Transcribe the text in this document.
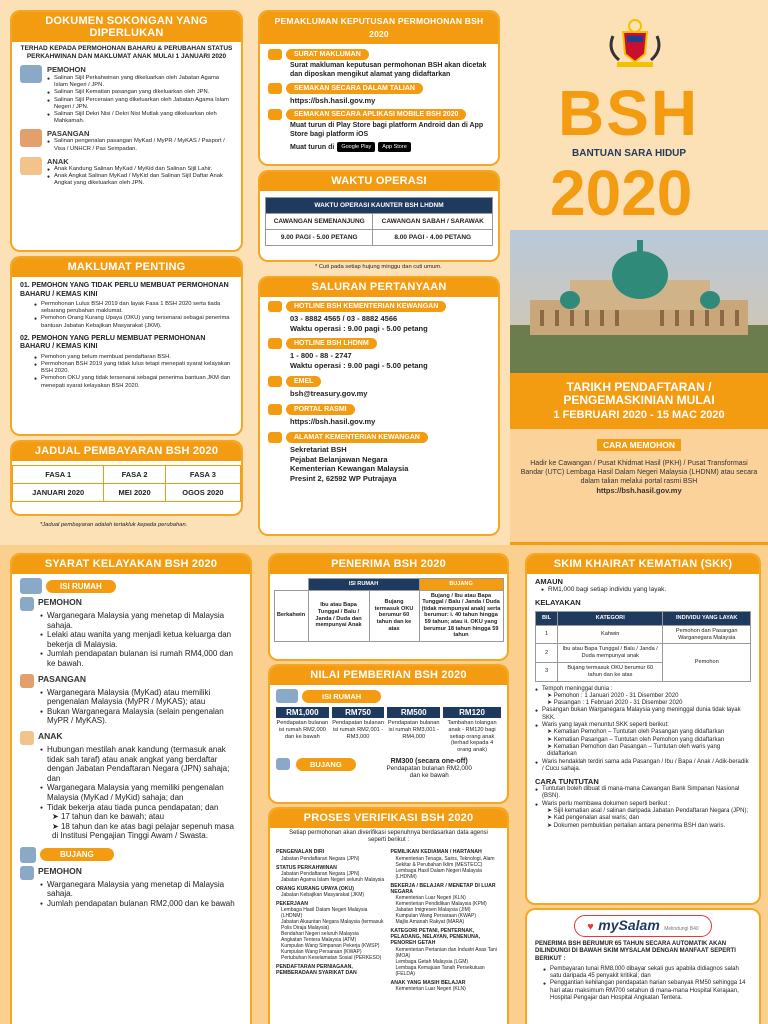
DOKUMEN SOKONGAN YANG DIPERLUKAN
TERHAD KEPADA PERMOHONAN BAHARU & PERUBAHAN STATUS PERKAHWINAN DAN MAKLUMAT ANAK MULAI 1 JANUARI 2020
PEMOHON
● Salinan Sijil Perkahwinan yang dikeluarkan oleh Jabatan Agama Islam Negeri / JPN.
● Salinan Sijil Kematian pasangan yang dikeluarkan oleh JPN.
● Salinan Sijil Perceraian yang dikeluarkan oleh Jabatan Agama Islam Negeri / JPN.
● Salinan Sijil Dekri Nisi / Dekri Nisi Mutlak yang dikeluarkan oleh Mahkamah.
PASANGAN
● Salinan pengenalan pasangan MyKad / MyPR / MyKAS / Pasport / Visa / UNHCR / Pas Sempadan.
ANAK
● Anak Kandung Salinan MyKad / MyKid dan Salinan Sijil Lahir.
● Anak Angkat Salinan MyKad / MyKid dan Salinan Sijil Daftar Anak Angkat yang dikeluarkan oleh JPN.
MAKLUMAT PENTING
01. PEMOHON YANG TIDAK PERLU MEMBUAT PERMOHONAN BAHARU / KEMAS KINI
● Permohonan Lulus BSH 2019 dan layak Fasa 1 BSH 2020 serta tiada sebarang perubahan maklumat.
● Pemohon Orang Kurang Upaya (OKU) yang tersenarai sebagai penerima bantuan Jabatan Kebajikan Masyarakat (JKM).
02. PEMOHON YANG PERLU MEMBUAT PERMOHONAN BAHARU / KEMAS KINI
● Pemohon yang belum membuat pendaftaran BSH.
● Permohonan BSH 2019 yang tidak lulus tetapi menepati syarat kelayakan BSH 2020.
● Pemohon OKU yang tidak tersenarai sebagai penerima bantuan JKM dan menepati syarat kelayakan BSH 2020.
JADUAL PEMBAYARAN BSH 2020
FASA 1	FASA 2	FASA 3
JANUARI 2020	MEI 2020	OGOS 2020
*Jadual pembayaran adalah tertakluk kepada perubahan.
PEMAKLUMAN KEPUTUSAN PERMOHONAN BSH 2020
SURAT MAKLUMAN
Surat makluman keputusan permohonan BSH akan dicetak dan diposkan mengikut alamat yang didaftarkan
SEMAKAN SECARA DALAM TALIAN
https://bsh.hasil.gov.my
SEMAKAN SECARA APLIKASI MOBILE BSH 2020
Muat turun di Play Store bagi platform Android dan di App Store bagi platform iOS
Muat turun di	Google Play	App Store
WAKTU OPERASI
WAKTU OPERASI KAUNTER BSH LHDNM	
CAWANGAN SEMENANJUNG	CAWANGAN SABAH / SARAWAK
9.00 PAGI - 5.00 PETANG	8.00 PAGI - 4.00 PETANG
* Cuti pada setiap hujung minggu dan cuti umum.
SALURAN PERTANYAAN
HOTLINE BSH KEMENTERIAN KEWANGAN
03 - 8882 4565 / 03 - 8882 4566
Waktu operasi : 9.00 pagi - 5.00 petang
HOTLINE BSH LHDNM
1 - 800 - 88 - 2747
Waktu operasi : 9.00 pagi - 5.00 petang
EMEL
bsh@treasury.gov.my
PORTAL RASMI
https://bsh.hasil.gov.my
ALAMAT KEMENTERIAN KEWANGAN
Sekretariat BSH
Pejabat Belanjawan Negara
Kementerian Kewangan Malaysia
Presint 2, 62592 WP Putrajaya
BSH
BANTUAN SARA HIDUP
2020
TARIKH PENDAFTARAN / PENGEMASKINIAN MULAI
1 FEBRUARI 2020 - 15 MAC 2020
CARA MEMOHON
Hadir ke Cawangan / Pusat Khidmat Hasil (PKH) / Pusat Transformasi Bandar (UTC) Lembaga Hasil Dalam Negeri Malaysia (LHDNM) atau secara dalam talian melalui portal rasmi BSH
https://bsh.hasil.gov.my
SYARAT KELAYAKAN BSH 2020
ISI RUMAH
PEMOHON
● Warganegara Malaysia yang menetap di Malaysia sahaja.
● Lelaki atau wanita yang menjadi ketua keluarga dan bekerja di Malaysia.
● Jumlah pendapatan bulanan isi rumah RM4,000 dan ke bawah.
PASANGAN
● Warganegara Malaysia (MyKad) atau memiliki pengenalan Malaysia (MyPR / MyKAS); atau
● Bukan Warganegara Malaysia (selain pengenalan MyPR / MyKAS).
ANAK
● Hubungan mestilah anak kandung (termasuk anak tidak sah taraf) atau anak angkat yang berdaftar dengan Jabatan Pendaftaran Negara (JPN) sahaja; dan
● Warganegara Malaysia yang memiliki pengenalan Malaysia (MyKad / MyKid) sahaja; dan
● Tidak bekerja atau tiada punca pendapatan; dan
➤ 17 tahun dan ke bawah; atau
➤ 18 tahun dan ke atas bagi pelajar sepenuh masa di Institusi Pengajian Tinggi Awam / Swasta.
BUJANG
PEMOHON
● Warganegara Malaysia yang menetap di Malaysia sahaja.
● Jumlah pendapatan bulanan RM2,000 dan ke bawah
PENERIMA BSH 2020
	ISI RUMAH		BUJANG
Berkahwin	Ibu atau Bapa Tunggal / Balu / Janda / Duda dan mempunyai Anak	Bujang termasuk OKU berumur 60 tahun dan ke atas	Bujang / Ibu atau Bapa Tunggal / Balu / Janda / Duda (tidak mempunyai anak) serta berumur: i. 40 tahun hingga 59 tahun; atau ii. OKU yang berumur 18 tahun hingga 59 tahun
NILAI PEMBERIAN BSH 2020
ISI RUMAH
RM1,000
Pendapatan bulanan isi rumah RM2,000 dan ke bawah
RM750
Pendapatan bulanan isi rumah RM2,001 - RM3,000
RM500
Pendapatan bulanan isi rumah RM3,001 - RM4,000
RM120
Tambahan tolangan anak - RM120 bagi setiap orang anak (terhad kepada 4 orang anak)
BUJANG	RM300 (secara one-off)
Pendapatan bulanan RM2,000 dan ke bawah
PROSES VERIFIKASI BSH 2020
Setiap permohonan akan diverifikasi sepenuhnya berdasarkan data agensi seperti berikut :
PENGENALAN DIRI
Jabatan Pendaftaran Negara (JPN)
STATUS PERKAHWINAN
Jabatan Pendaftaran Negara (JPN)
Jabatan Agama Islam Negeri seluruh Malaysia
ORANG KURANG UPAYA (OKU)
Jabatan Kebajikan Masyarakat (JKM)
PEKERJAAN
Lembaga Hasil Dalam Negeri Malaysia (LHDNM)
Jabatan Akauntan Negara Malaysia (termasuk Polis Diraja Malaysia)
Bendahari Negeri seluruh Malaysia
Angkatan Tentera Malaysia (ATM)
Kumpulan Wang Simpanan Pekerja (KWSP)
Kumpulan Wang Persaraan (KWAP)
Pertubuhan Keselamatan Sosial (PERKESO)
PENDAFTARAN PERNIAGAAN, PEMBERADAAN SYARIKAT DAN
PEMILIKAN KEDIAMAN / HARTANAH
Kementerian Tenaga, Sains, Teknologi, Alam Sekitar & Perubahan Iklim (MESTECC)
Lembaga Hasil Dalam Negeri Malaysia (LHDNM)
BEKERJA / BELAJAR / MENETAP DI LUAR NEGARA
Kementerian Luar Negeri (KLN)
Kementerian Pendidikan Malaysia (KPM)
Jabatan Imigresen Malaysia (JIM)
Kumpulan Wang Persaraan (KWAP)
Majlis Amanah Rakyat (MARA)
KATEGORI PETANI, PENTERNAK, PELADANG, NELAYAN, PENENUNA, PENOREH GETAH
Kementerian Pertanian dan Industri Asas Tani (MOA)
Lembaga Getah Malaysia (LGM)
Lembaga Kemajuan Tanah Persekutuan (FELDA)
ANAK YANG MASIH BELAJAR
Kementerian Luar Negeri (KLN)
SKIM KHAIRAT KEMATIAN (SKK)
AMAUN
● RM1,000 bagi setiap individu yang layak.
KELAYAKAN
BIL	KATEGORI	INDIVIDU YANG LAYAK
1	Kahwin	Pemohon dan Pasangan Warganegara Malaysia
2	Ibu atau Bapa Tunggal / Balu / Janda / Duda mempunyai anak	Pemohon
3	Bujang termasuk OKU berumur 60 tahun dan ke atas	
● Tempoh meninggal dunia :
➤ Pemohon : 1 Januari 2020 - 31 Disember 2020
➤ Pasangan : 1 Februari 2020 - 31 Disember 2020
● Pasangan bukan Warganegara Malaysia yang meninggal dunia tidak layak SKK.
● Waris yang layak menuntut SKK seperti berikut:
➤ Kematian Pemohon – Tuntutan oleh Pasangan yang didaftarkan
➤ Kematian Pasangan – Tuntutan oleh Pemohon yang didaftarkan
➤ Kematian Pemohon dan Pasangan – Tuntutan oleh waris yang didaftarkan
● Waris hendaklah terdiri sama ada Pasangan / Ibu / Bapa / Anak / Adik-beradik / Cucu sahaja.
CARA TUNTUTAN
● Tuntutan boleh dibuat di mana-mana Cawangan Bank Simpanan Nasional (BSN).
● Waris perlu membawa dokumen seperti berikut :
➤ Sijil kematian asal / salinan daripada Jabatan Pendaftaran Negara (JPN);
➤ Kad pengenalan asal waris; dan
➤ Dokumen pembuktian pertalian antara penerima BSH dan waris.
♥ mySalam Melindungi B40
PENERIMA BSH BERUMUR 65 TAHUN SECARA AUTOMATIK AKAN DILINDUNGI DI BAWAH SKIM MYSALAM DENGAN MANFAAT SEPERTI BERIKUT :
● Pembayaran tunai RM8,000 dibayar sekali gus apabila didiagnos salah satu daripada 45 penyakit kritikal; dan
● Penggantian kehilangan pendapatan harian sebanyak RM50 sehingga 14 hari atau maksimum RM700 setahun di mana-mana Hospital Kerajaan, Hospital Pengajar dan Hospital Angkatan Tentera.
